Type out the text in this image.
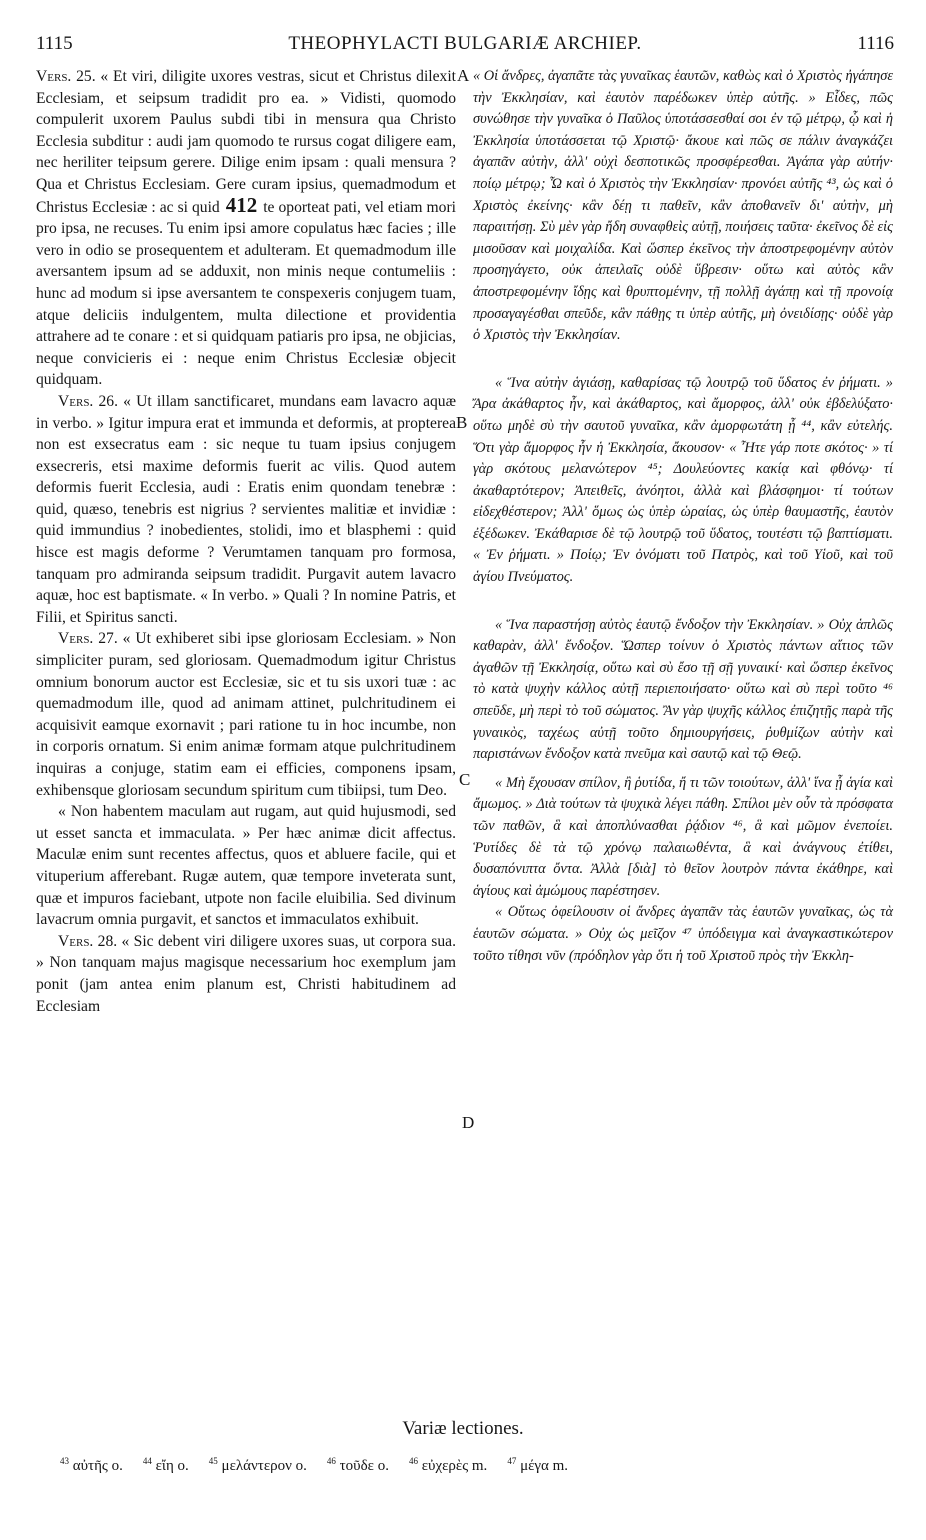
1115	THEOPHYLACTI BULGARIÆ ARCHIEP.	1116
A
B
C
D

Vers. 25. « Et viri, diligite uxores vestras, sicut et Christus dilexit Ecclesiam, et seipsum tradidit pro ea. » Vidisti, quomodo compulerit uxorem Paulus subdi tibi in mensura qua Christo Ecclesia subditur : audi jam quomodo te rursus cogat diligere eam, nec heriliter teipsum gerere. Dilige enim ipsam : quali mensura ? Qua et Christus Ecclesiam. Gere curam ipsius, quemadmodum et Christus Ecclesiæ : ac si quid 412 te oporteat pati, vel etiam mori pro ipsa, ne recuses. Tu enim ipsi amore copulatus hæc facies ; ille vero in odio se prosequentem et adulteram. Et quemadmodum ille aversantem ipsum ad se adduxit, non minis neque contumeliis : hunc ad modum si ipse aversantem te conspexeris conjugem tuam, atque deliciis indulgentem, multa dilectione et providentia attrahere ad te conare : et si quidquam patiaris pro ipsa, ne objicias, neque convicieris ei : neque enim Christus Ecclesiæ objecit quidquam.

Vers. 26. « Ut illam sanctificaret, mundans eam lavacro aquæ in verbo. » Igitur impura erat et immunda et deformis, at propterea non est exsecratus eam : sic neque tu tuam ipsius conjugem exsecreris, etsi maxime deformis fuerit ac vilis. Quod autem deformis fuerit Ecclesia, audi : Eratis enim quondam tenebræ : quid, quæso, tenebris est nigrius ? servientes malitiæ et invidiæ : quid immundius ? inobedientes, stolidi, imo et blasphemi : quid hisce est magis deforme ? Verumtamen tanquam pro formosa, tanquam pro admiranda seipsum tradidit. Purgavit autem lavacro aquæ, hoc est baptismate. « In verbo. » Quali ? In nomine Patris, et Filii, et Spiritus sancti.

Vers. 27. « Ut exhiberet sibi ipse gloriosam Ecclesiam. » Non simpliciter puram, sed gloriosam. Quemadmodum igitur Christus omnium bonorum auctor est Ecclesiæ, sic et tu sis uxori tuæ : ac quemadmodum ille, quod ad animam attinet, pulchritudinem ei acquisivit eamque exornavit ; pari ratione tu in hoc incumbe, non in corporis ornatum. Si enim animæ formam atque pulchritudinem inquiras a conjuge, statim eam ei efficies, componens ipsam, exhibensque gloriosam secundum spiritum cum tibiipsi, tum Deo.

« Non habentem maculam aut rugam, aut quid hujusmodi, sed ut esset sancta et immaculata. » Per hæc animæ dicit affectus. Maculæ enim sunt recentes affectus, quos et abluere facile, qui et vituperium afferebant. Rugæ autem, quæ tempore inveterata sunt, quæ et impuros faciebant, utpote non facile eluibilia. Sed divinum lavacrum omnia purgavit, et sanctos et immaculatos exhibuit.

Vers. 28. « Sic debent viri diligere uxores suas, ut corpora sua. » Non tanquam majus magisque necessarium hoc exemplum jam ponit (jam antea enim planum est, Christi habitudinem ad Ecclesiam

« Οἱ ἄνδρες, ἀγαπᾶτε τὰς γυναῖκας ἑαυτῶν, καθὼς καὶ ὁ Χριστὸς ἠγάπησε τὴν Ἐκκλησίαν, καὶ ἑαυτὸν παρέδωκεν ὑπὲρ αὐτῆς. » Εἶδες, πῶς συνώθησε τὴν γυναῖκα ὁ Παῦλος ὑποτάσσεσθαί σοι ἐν τῷ μέτρῳ, ᾧ καὶ ἡ Ἐκκλησία ὑποτάσσεται τῷ Χριστῷ· ἄκουε καὶ πῶς σε πάλιν ἀναγκάζει ἀγαπᾶν αὐτὴν, ἀλλ' οὐχὶ δεσποτικῶς προσφέρεσθαι. Ἀγάπα γὰρ αὐτήν· ποίῳ μέτρῳ; Ὧ καὶ ὁ Χριστὸς τὴν Ἐκκλησίαν· προνόει αὐτῆς ⁴³, ὡς καὶ ὁ Χριστὸς ἐκείνης· κἂν δέῃ τι παθεῖν, κἂν ἀποθανεῖν δι' αὐτὴν, μὴ παραιτήσῃ. Σὺ μὲν γὰρ ἤδη συναφθεὶς αὐτῇ, ποιήσεις ταῦτα· ἐκεῖνος δὲ εἰς μισοῦσαν καὶ μοιχαλίδα. Καὶ ὥσπερ ἐκεῖνος τὴν ἀποστρεφομένην αὐτὸν προσηγάγετο, οὐκ ἀπειλαῖς οὐδὲ ὕβρεσιν· οὕτω καὶ αὐτὸς κἂν ἀποστρεφομένην ἴδῃς καὶ θρυπτομένην, τῇ πολλῇ ἀγάπῃ καὶ τῇ προνοίᾳ προσαγαγέσθαι σπεῦδε, κἂν πάθῃς τι ὑπὲρ αὐτῆς, μὴ ὀνειδίσῃς· οὐδὲ γὰρ ὁ Χριστὸς τὴν Ἐκκλησίαν.

« Ἵνα αὐτὴν ἁγιάσῃ, καθαρίσας τῷ λουτρῷ τοῦ ὕδατος ἐν ῥήματι. » Ἄρα ἀκάθαρτος ἦν, καὶ ἀκάθαρτος, καὶ ἄμορφος, ἀλλ' οὐκ ἐβδελύξατο· οὕτω μηδὲ σὺ τὴν σαυτοῦ γυναῖκα, κἂν ἀμορφωτάτη ᾖ ⁴⁴, κἂν εὐτελής. Ὅτι γὰρ ἄμορφος ἦν ἡ Ἐκκλησία, ἄκουσον· « Ἦτε γάρ ποτε σκότος· » τί γὰρ σκότους μελανώτερον ⁴⁵; Δουλεύοντες κακίᾳ καὶ φθόνῳ· τί ἀκαθαρτότερον; Ἀπειθεῖς, ἀνόητοι, ἀλλὰ καὶ βλάσφημοι· τί τούτων εἰδεχθέστερον; Ἀλλ' ὅμως ὡς ὑπὲρ ὡραίας, ὡς ὑπὲρ θαυμαστῆς, ἑαυτὸν ἐξέδωκεν. Ἐκάθαρισε δὲ τῷ λουτρῷ τοῦ ὕδατος, τουτέστι τῷ βαπτίσματι. « Ἐν ῥήματι. » Ποίῳ; Ἐν ὀνόματι τοῦ Πατρὸς, καὶ τοῦ Υἱοῦ, καὶ τοῦ ἁγίου Πνεύματος.

« Ἵνα παραστήσῃ αὐτὸς ἑαυτῷ ἔνδοξον τὴν Ἐκκλησίαν. » Οὐχ ἁπλῶς καθαρὰν, ἀλλ' ἔνδοξον. Ὥσπερ τοίνυν ὁ Χριστὸς πάντων αἴτιος τῶν ἀγαθῶν τῇ Ἐκκλησίᾳ, οὕτω καὶ σὺ ἔσο τῇ σῇ γυναικί· καὶ ὥσπερ ἐκεῖνος τὸ κατὰ ψυχὴν κάλλος αὐτῇ περιεποιήσατο· οὕτω καὶ σὺ περὶ τοῦτο ⁴⁶ σπεῦδε, μὴ περὶ τὸ τοῦ σώματος. Ἂν γὰρ ψυχῆς κάλλος ἐπιζητῇς παρὰ τῆς γυναικὸς, ταχέως αὐτῇ τοῦτο δημιουργήσεις, ῥυθμίζων αὐτὴν καὶ παριστάνων ἔνδοξον κατὰ πνεῦμα καὶ σαυτῷ καὶ τῷ Θεῷ.

« Μὴ ἔχουσαν σπίλον, ἢ ῥυτίδα, ἤ τι τῶν τοιούτων, ἀλλ' ἵνα ᾖ ἁγία καὶ ἄμωμος. » Διὰ τούτων τὰ ψυχικὰ λέγει πάθη. Σπίλοι μὲν οὖν τὰ πρόσφατα τῶν παθῶν, ἃ καὶ ἀποπλύνασθαι ῥᾴδιον ⁴⁶, ἃ καὶ μῶμον ἐνεποίει. Ῥυτίδες δὲ τὰ τῷ χρόνῳ παλαιωθέντα, ἃ καὶ ἀνάγνους ἐτίθει, δυσαπόνιπτα ὄντα. Ἀλλὰ [διὰ] τὸ θεῖον λουτρὸν πάντα ἐκάθηρε, καὶ ἁγίους καὶ ἀμώμους παρέστησεν.

« Οὕτως ὀφείλουσιν οἱ ἄνδρες ἀγαπᾶν τὰς ἑαυτῶν γυναῖκας, ὡς τὰ ἑαυτῶν σώματα. » Οὐχ ὡς μεῖζον ⁴⁷ ὑπόδειγμα καὶ ἀναγκαστικώτερον τοῦτο τίθησι νῦν (πρόδηλον γὰρ ὅτι ἡ τοῦ Χριστοῦ πρὸς τὴν Ἐκκλη-

Variæ lectiones.
$^{43}$ αὐτῆς o. $^{44}$ εἴη o. $^{45}$ μελάντερον o. $^{46}$ τοῦδε o. $^{46}$ εὐχερὲς m. $^{47}$ μέγα m.
